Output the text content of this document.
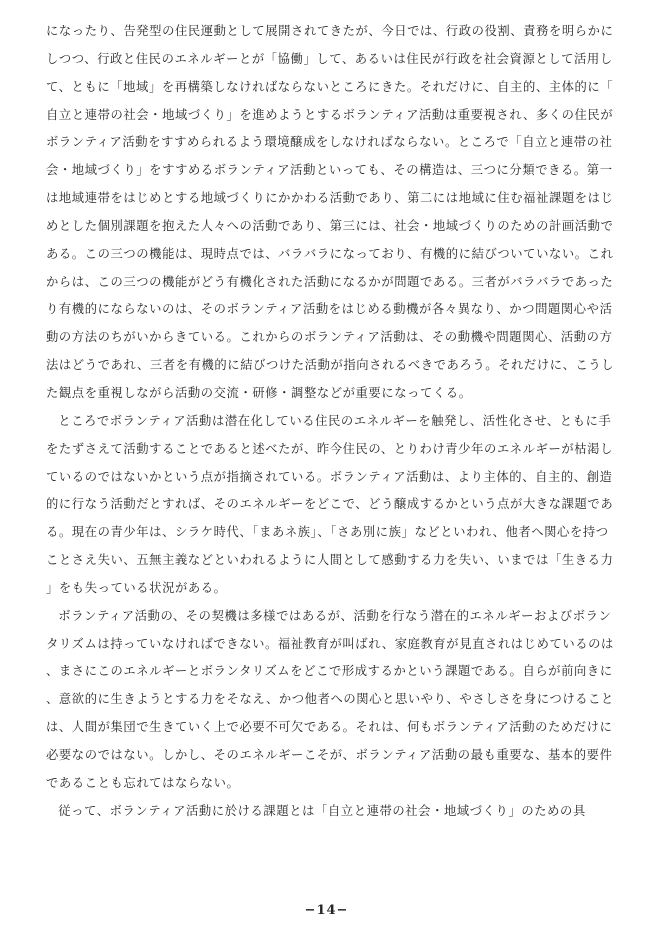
になったり、告発型の住民運動として展開されてきたが、今日では、行政の役割、責務を明らかにしつつ、行政と住民のエネルギーとが「協働」して、あるいは住民が行政を社会資源として活用して、ともに「地域」を再構築しなければならないところにきた。それだけに、自主的、主体的に「自立と連帯の社会・地域づくり」を進めようとするボランティア活動は重要視され、多くの住民がボランティア活動をすすめられるよう環境醸成をしなければならない。ところで「自立と連帯の社会・地域づくり」をすすめるボランティア活動といっても、その構造は、三つに分類できる。第一は地域連帯をはじめとする地域づくりにかかわる活動であり、第二には地域に住む福祉課題をはじめとした個別課題を抱えた人々への活動であり、第三には、社会・地域づくりのための計画活動である。この三つの機能は、現時点では、バラバラになっており、有機的に結びついていない。これからは、この三つの機能がどう有機化された活動になるかが問題である。三者がバラバラであったり有機的にならないのは、そのボランティア活動をはじめる動機が各々異なり、かつ問題関心や活動の方法のちがいからきている。これからのボランティア活動は、その動機や問題関心、活動の方法はどうであれ、三者を有機的に結びつけた活動が指向されるべきであろう。それだけに、こうした観点を重視しながら活動の交流・研修・調整などが重要になってくる。

ところでボランティア活動は潜在化している住民のエネルギーを触発し、活性化させ、ともに手をたずさえて活動することであると述べたが、昨今住民の、とりわけ青少年のエネルギーが枯渇しているのではないかという点が指摘されている。ボランティア活動は、より主体的、自主的、創造的に行なう活動だとすれば、そのエネルギーをどこで、どう醸成するかという点が大きな課題である。現在の青少年は、シラケ時代、「まあネ族」、「さあ別に族」などといわれ、他者へ関心を持つことさえ失い、五無主義などといわれるように人間として感動する力を失い、いまでは「生きる力」をも失っている状況がある。

ボランティア活動の、その契機は多様ではあるが、活動を行なう潜在的エネルギーおよびボランタリズムは持っていなければできない。福祉教育が叫ばれ、家庭教育が見直されはじめているのは、まさにこのエネルギーとボランタリズムをどこで形成するかという課題である。自らが前向きに、意欲的に生きようとする力をそなえ、かつ他者への関心と思いやり、やさしさを身につけることは、人間が集団で生きていく上で必要不可欠である。それは、何もボランティア活動のためだけに必要なのではない。しかし、そのエネルギーこそが、ボランティア活動の最も重要な、基本的要件であることも忘れてはならない。

従って、ボランティア活動に於ける課題とは「自立と連帯の社会・地域づくり」のための具

−14−
